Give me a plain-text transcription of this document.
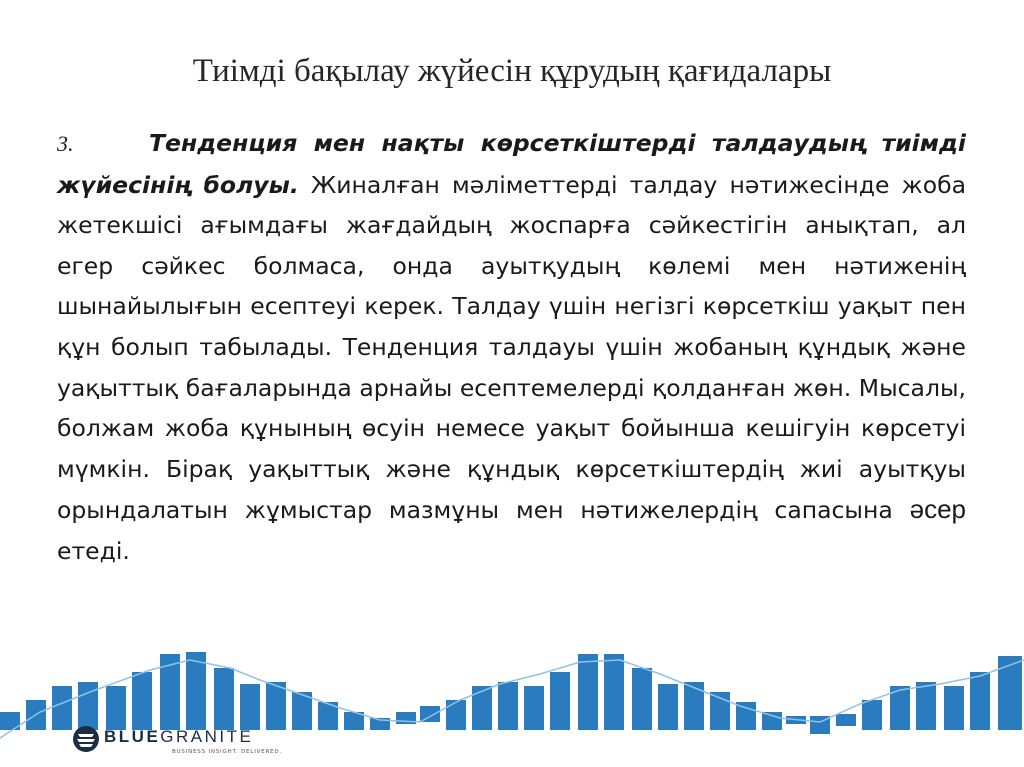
Тиімді бақылау жүйесін құрудың қағидалары
3.	Тенденция мен нақты көрсеткіштерді талдаудың тиімді жүйесінің болуы. Жиналған мәліметтерді талдау нәтижесінде жоба жетекшісі ағымдағы жағдайдың жоспарға сәйкестігін анықтап, ал егер сәйкес болмаса, онда ауытқудың көлемі мен нәтиженің шынайылығын есептеуі керек. Талдау үшін негізгі көрсеткіш уақыт пен құн болып табылады. Тенденция талдауы үшін жобаның құндық және уақыттық бағаларында арнайы есептемелерді қолданған жөн. Мысалы, болжам жоба құнының өсуін немесе уақыт бойынша кешігуін көрсетуі мүмкін. Бірақ уақыттық және құндық көрсеткіштердің жиі ауытқуы орындалатын жұмыстар мазмұны мен нәтижелердің сапасына әсер етеді.
BLUEGRANITE
BUSINESS INSIGHT. DELIVERED.
